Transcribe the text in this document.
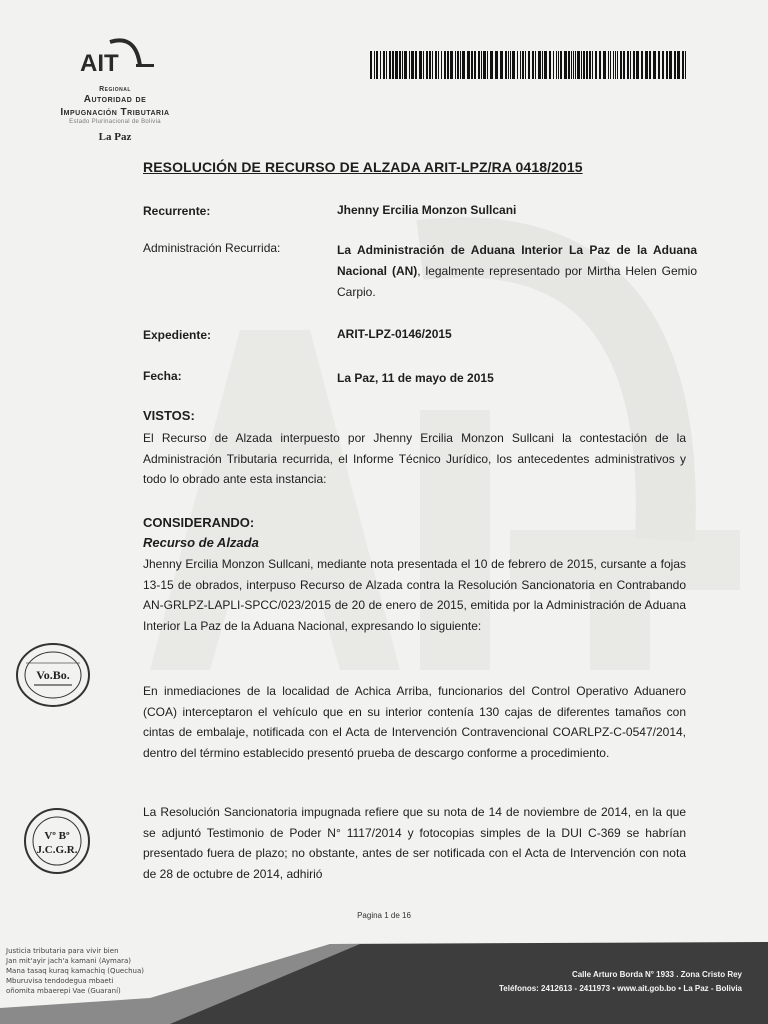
AIT
Regional
Autoridad de
Impugnación Tributaria
Estado Plurinacional de Bolivia
La Paz
RESOLUCIÓN DE RECURSO DE ALZADA ARIT-LPZ/RA 0418/2015
Recurrente:	Jhenny Ercilia Monzon Sullcani
Administración Recurrida:	La Administración de Aduana Interior La Paz de la Aduana Nacional (AN), legalmente representado por Mirtha Helen Gemio Carpio.
Expediente:	ARIT-LPZ-0146/2015
Fecha:	La Paz, 11 de mayo de 2015
VISTOS:
El Recurso de Alzada interpuesto por Jhenny Ercilia Monzon Sullcani la contestación de la Administración Tributaria recurrida, el Informe Técnico Jurídico, los antecedentes administrativos y todo lo obrado ante esta instancia:
CONSIDERANDO:
Recurso de Alzada
Jhenny Ercilia Monzon Sullcani, mediante nota presentada el 10 de febrero de 2015, cursante a fojas 13-15 de obrados, interpuso Recurso de Alzada contra la Resolución Sancionatoria en Contrabando AN-GRLPZ-LAPLI-SPCC/023/2015 de 20 de enero de 2015, emitida por la Administración de Aduana Interior La Paz de la Aduana Nacional, expresando lo siguiente:
En inmediaciones de la localidad de Achica Arriba, funcionarios del Control Operativo Aduanero (COA) interceptaron el vehículo que en su interior contenía 130 cajas de diferentes tamaños con cintas de embalaje, notificada con el Acta de Intervención Contravencional COARLPZ-C-0547/2014, dentro del término establecido presentó prueba de descargo conforme a procedimiento.
La Resolución Sancionatoria impugnada refiere que su nota de 14 de noviembre de 2014, en la que se adjuntó Testimonio de Poder N° 1117/2014 y fotocopias simples de la DUI C-369 se habrían presentado fuera de plazo; no obstante, antes de ser notificada con el Acta de Intervención con nota de 28 de octubre de 2014, adhirió
Vo.Bo.
Vº Bº
J.C.G.R.
Pagina 1 de 16
Justicia tributaria para vivir bien
Jan mit'ayir jach'a kamani (Aymara)
Mana tasaq kuraq kamachiq (Quechua)
Mburuvisa tendodegua mbaeti
oñomita mbaerepi Vae (Guaraní)
Calle Arturo Borda N° 1933 . Zona Cristo Rey
Teléfonos: 2412613 - 2411973 • www.ait.gob.bo • La Paz - Bolivia
